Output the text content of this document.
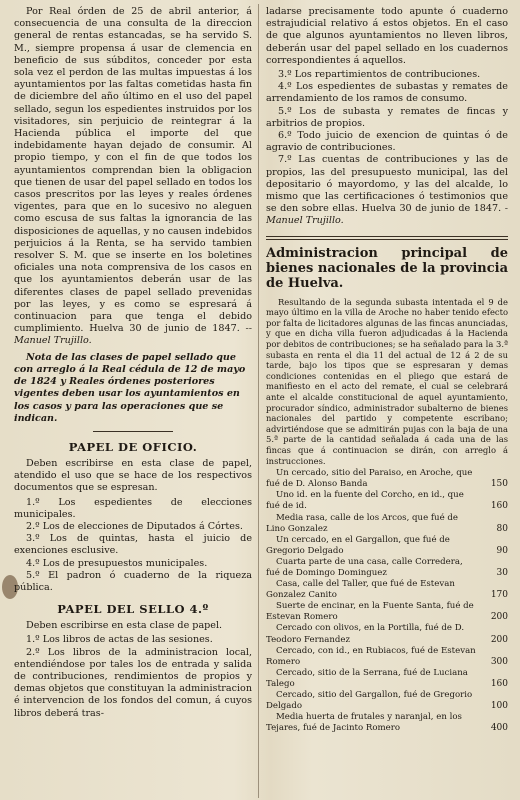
Por Real órden de 25 de abril anterior, á consecuencia de una consulta de la direccion general de rentas estancadas, se ha servido S. M., siempre propensa á usar de clemencia en beneficio de sus súbditos, conceder por esta sola vez el perdon de las multas impuestas á los ayuntamientos por las faltas cometidas hasta fin de diciembre del año último en el uso del papel sellado, segun los espedientes instruidos por los visitadores, sin perjuicio de reintegrar á la Hacienda pública el importe del que indebidamente hayan dejado de consumir. Al propio tiempo, y con el fin de que todos los ayuntamientos comprendan bien la obligacion que tienen de usar del papel sellado en todos los casos prescritos por las leyes y reales órdenes vigentes, para que en lo sucesivo no aleguen como escusa de sus faltas la ignorancia de las disposiciones de aquellas, y no causen indebidos perjuicios á la Renta, se ha servido tambien resolver S. M. que se inserte en los boletines oficiales una nota comprensiva de los casos en que los ayuntamientos deberán usar de las diferentes clases de papel sellado prevenidas por las leyes, y es como se espresará á continuacion para que tenga el debido cumplimiento. Huelva 30 de junio de 1847. --Manuel Trujillo.

Nota de las clases de papel sellado que con arreglo á la Real cédula de 12 de mayo de 1824 y Reales órdenes posteriores vigentes deben usar los ayuntamientos en los casos y para las operaciones que se indican.

PAPEL DE OFICIO.

Deben escribirse en esta clase de papel, atendido el uso que se hace de los respectivos documentos que se espresan.

1.º Los espedientes de elecciones municipales.
2.º Los de elecciones de Diputados á Córtes.
3.º Los de quintas, hasta el juicio de exenciones esclusive.
4.º Los de presupuestos municipales.
5.º El padron ó cuaderno de la riqueza pública.
PAPEL DEL SELLO 4.º

Deben escribirse en esta clase de papel.

1.º Los libros de actas de las sesiones.
2.º Los libros de la administracion local, entendiéndose por tales los de entrada y salida de contribuciones, rendimientos de propios y demas objetos que constituyan la administracion é intervencion de los fondos del comun, á cuyos libros deberá tras-

ladarse precisamente todo apunte ó cuaderno estrajudicial relativo á estos objetos. En el caso de que algunos ayuntamientos no lleven libros, deberán usar del papel sellado en los cuadernos correspondientes á aquellos.

3.º Los repartimientos de contribuciones.
4.º Los espedientes de subastas y remates de arrendamiento de los ramos de consumo.
5.º Los de subasta y remates de fincas y arbitrios de propios.
6.º Todo juicio de exencion de quintas ó de agravio de contribuciones.
7.º Las cuentas de contribuciones y las de propios, las del presupuesto municipal, las del depositario ó mayordomo, y las del alcalde, lo mismo que las certificaciones ó testimonios que se den sobre ellas. Huelva 30 de junio de 1847. -Manuel Trujillo.
Administracion principal de bienes nacionales de la provincia de Huelva.

Resultando de la segunda subasta intentada el 9 de mayo último en la villa de Aroche no haber tenido efecto por falta de licitadores algunas de las fincas anunciadas, y que en dicha villa fueron adjudicadas á la Hacienda por debitos de contribuciones; se ha señalado para la 3.ª subasta en renta el dia 11 del actual de 12 á 2 de su tarde, bajo los tipos que se espresaran y demas condiciones contenidas en el pliego que estará de manifiesto en el acto del remate, el cual se celebrará ante el alcalde constitucional de aquel ayuntamiento, procurador síndico, administrador subalterno de bienes nacionales del partido y competente escribano; advirtiéndose que se admitirán pujas con la baja de una 5.ª parte de la cantidad señalada á cada una de las fincas que á continuacion se dirán, con arreglo á instrucciones.

Un cercado, sitio del Paraiso, en Aroche, que fué de D. Alonso Banda	150
Uno id. en la fuente del Corcho, en id., que fué de id.	160
Media rasa, calle de los Arcos, que fué de Lino Gonzalez	80
Un cercado, en el Gargallon, que fué de Gregorio Delgado	90
Cuarta parte de una casa, calle Corredera, fué de Domingo Dominguez	30
Casa, calle del Taller, que fué de Estevan Gonzalez Canito	170
Suerte de encinar, en la Fuente Santa, fué de Estevan Romero	200
Cercado con olivos, en la Portilla, fué de D. Teodoro Fernandez	200
Cercado, con id., en Rubiacos, fué de Estevan Romero	300
Cercado, sitio de la Serrana, fué de Luciana Talego	160
Cercado, sitio del Gargallon, fué de Gregorio Delgado	100
Media huerta de frutales y naranjal, en los Tejares, fué de Jacinto Romero	400
